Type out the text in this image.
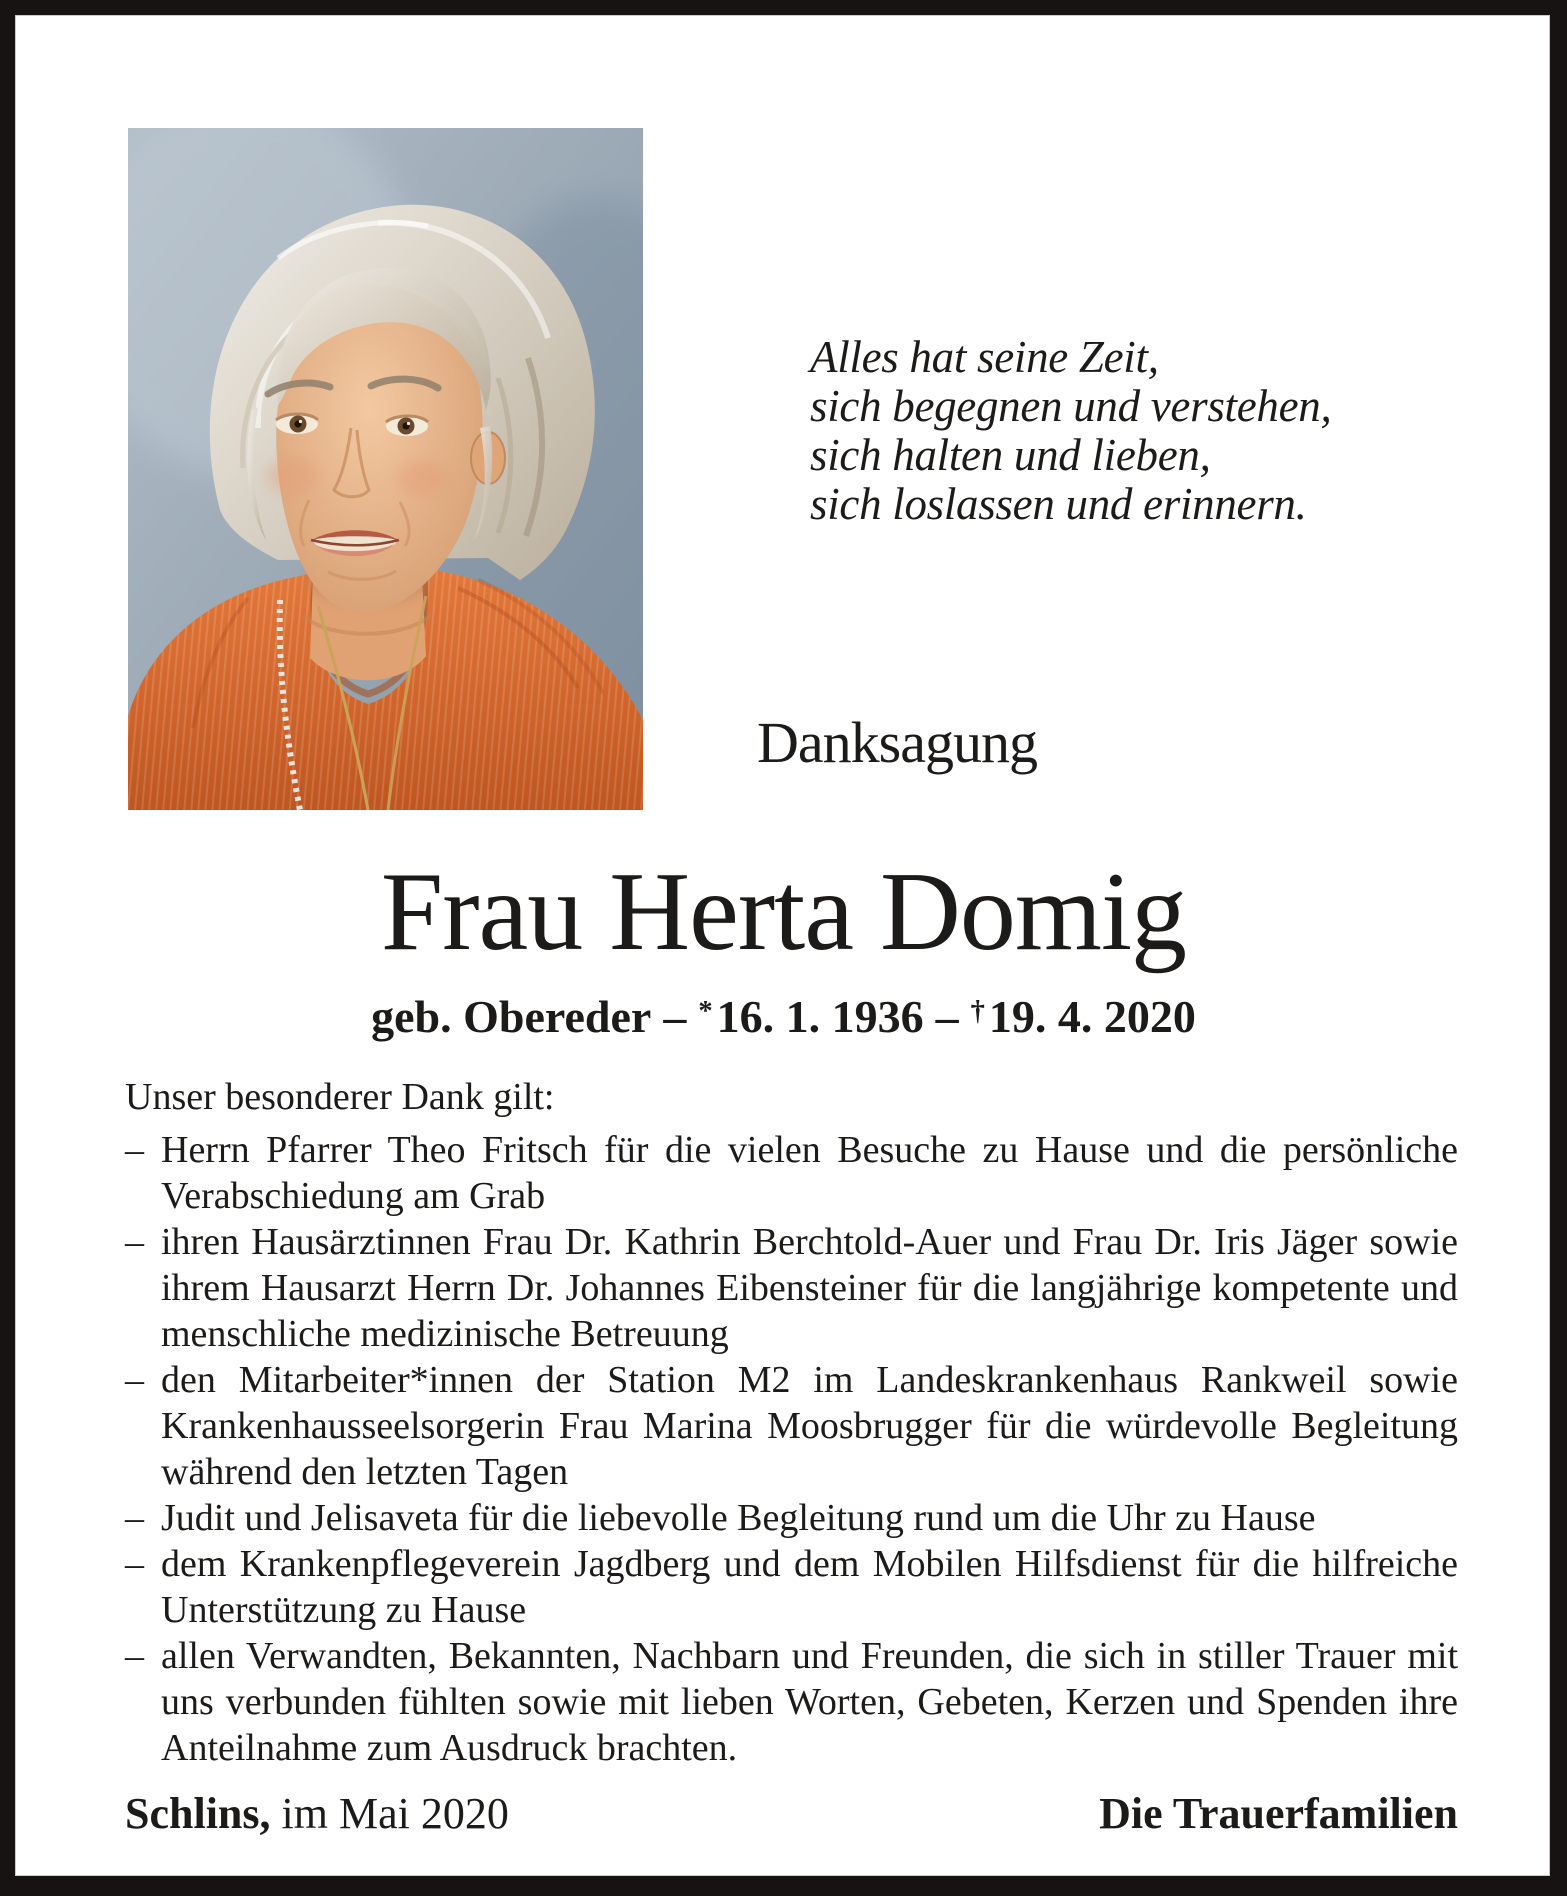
Alles hat seine Zeit,
sich begegnen und verstehen,
sich halten und lieben,
sich loslassen und erinnern.
Danksagung
Frau Herta Domig
geb. Obereder – *16. 1. 1936 – †19. 4. 2020
Unser besonderer Dank gilt:
– Herrn Pfarrer Theo Fritsch für die vielen Besuche zu Hause und die persönliche Verabschiedung am Grab
– ihren Hausärztinnen Frau Dr. Kathrin Berchtold-Auer und Frau Dr. Iris Jäger sowie ihrem Hausarzt Herrn Dr. Johannes Eibensteiner für die langjährige kompetente und menschliche medizinische Betreuung
– den Mitarbeiter*innen der Station M2 im Landeskrankenhaus Rankweil sowie Krankenhausseelsorgerin Frau Marina Moosbrugger für die würdevolle Begleitung während den letzten Tagen
– Judit und Jelisaveta für die liebevolle Begleitung rund um die Uhr zu Hause
– dem Krankenpflegeverein Jagdberg und dem Mobilen Hilfsdienst für die hilfreiche Unterstützung zu Hause
– allen Verwandten, Bekannten, Nachbarn und Freunden, die sich in stiller Trauer mit uns verbunden fühlten sowie mit lieben Worten, Gebeten, Kerzen und Spenden ihre Anteilnahme zum Ausdruck brachten.
Schlins, im Mai 2020	Die Trauerfamilien
